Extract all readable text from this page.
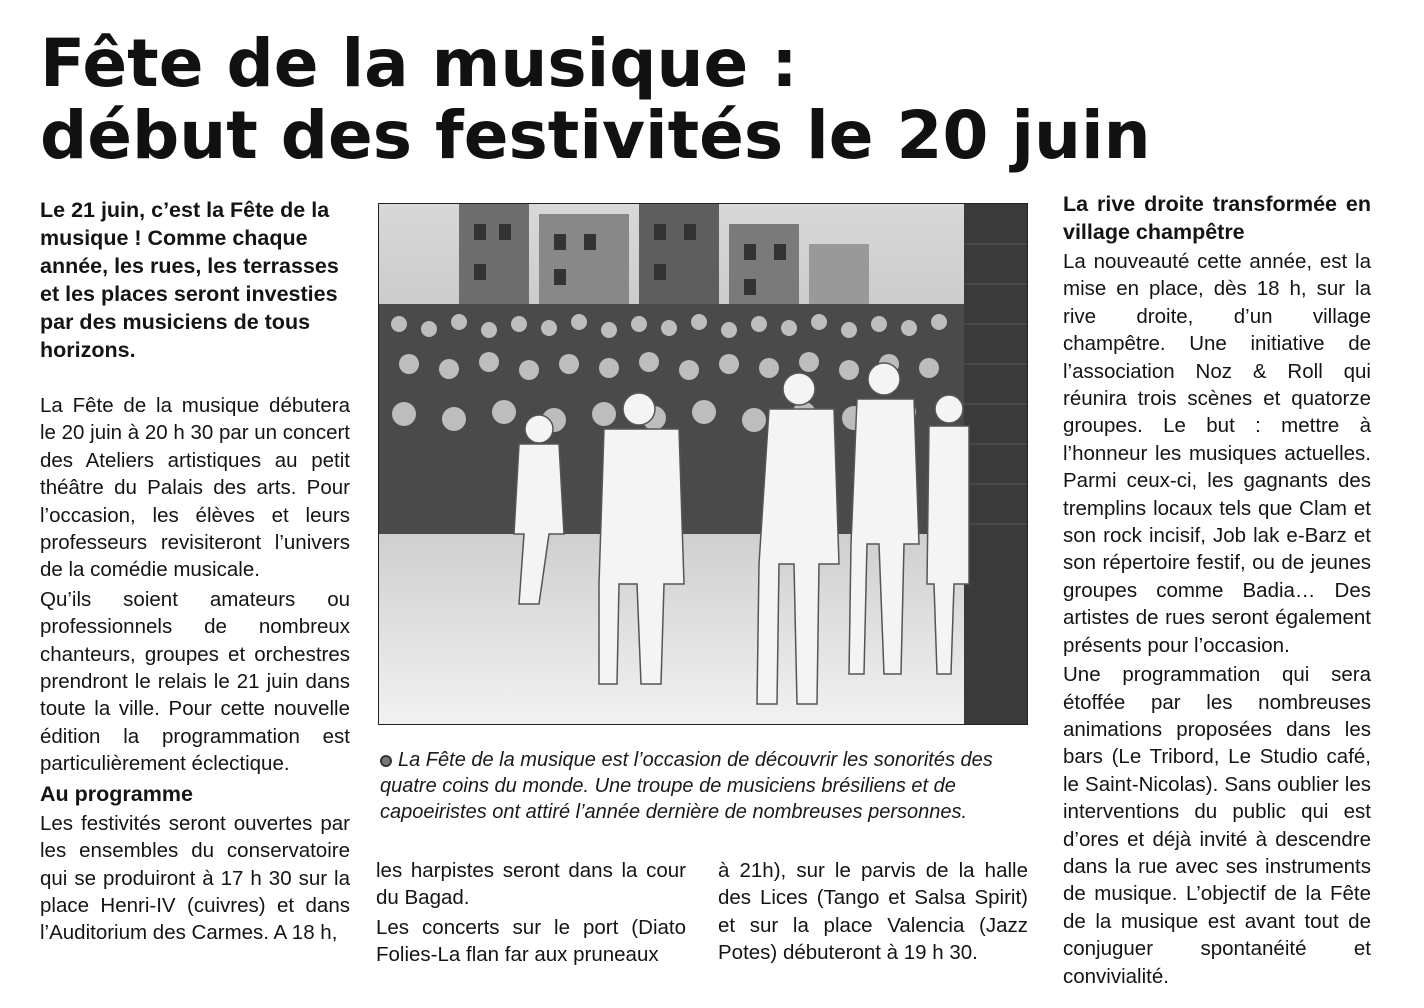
Fête de la musique :
début des festivités le 20 juin

Le 21 juin, c’est la Fête de la musique ! Comme chaque année, les rues, les terrasses et les places seront investies par des musiciens de tous horizons.

La Fête de la musique débutera le 20 juin à 20 h 30 par un concert des Ateliers artistiques au petit théâtre du Palais des arts. Pour l’occasion, les élèves et leurs professeurs revisiteront l’univers de la comédie musicale.

Qu’ils soient amateurs ou professionnels de nombreux chanteurs, groupes et orchestres prendront le relais le 21 juin dans toute la ville. Pour cette nouvelle édition la programmation est particulièrement éclectique.

Au programme

Les festivités seront ouvertes par les ensembles du conservatoire qui se produiront à 17 h 30 sur la place Henri-IV (cuivres) et dans l’Auditorium des Carmes. A 18 h,

La Fête de la musique est l’occasion de découvrir les sonorités des quatre coins du monde. Une troupe de musiciens brésiliens et de capoeiristes ont attiré l’année dernière de nombreuses personnes.

les harpistes seront dans la cour du Bagad.

Les concerts sur le port (Diato Folies-La flan far aux pruneaux

à 21h), sur le parvis de la halle des Lices (Tango et Salsa Spirit) et sur la place Valencia (Jazz Potes) débuteront à 19 h 30.

La rive droite transformée en village champêtre

La nouveauté cette année, est la mise en place, dès 18 h, sur la rive droite, d’un village champêtre. Une initiative de l’association Noz & Roll qui réunira trois scènes et quatorze groupes. Le but : mettre à l’honneur les musiques actuelles. Parmi ceux-ci, les gagnants des tremplins locaux tels que Clam et son rock incisif, Job lak e-Barz et son répertoire festif, ou de jeunes groupes comme Badia… Des artistes de rues seront également présents pour l’occasion.

Une programmation qui sera étoffée par les nombreuses animations proposées dans les bars (Le Tribord, Le Studio café, le Saint-Nicolas). Sans oublier les interventions du public qui est d’ores et déjà invité à descendre dans la rue avec ses instruments de musique. L’objectif de la Fête de la musique est avant tout de conjuguer spontanéité et convivialité.
